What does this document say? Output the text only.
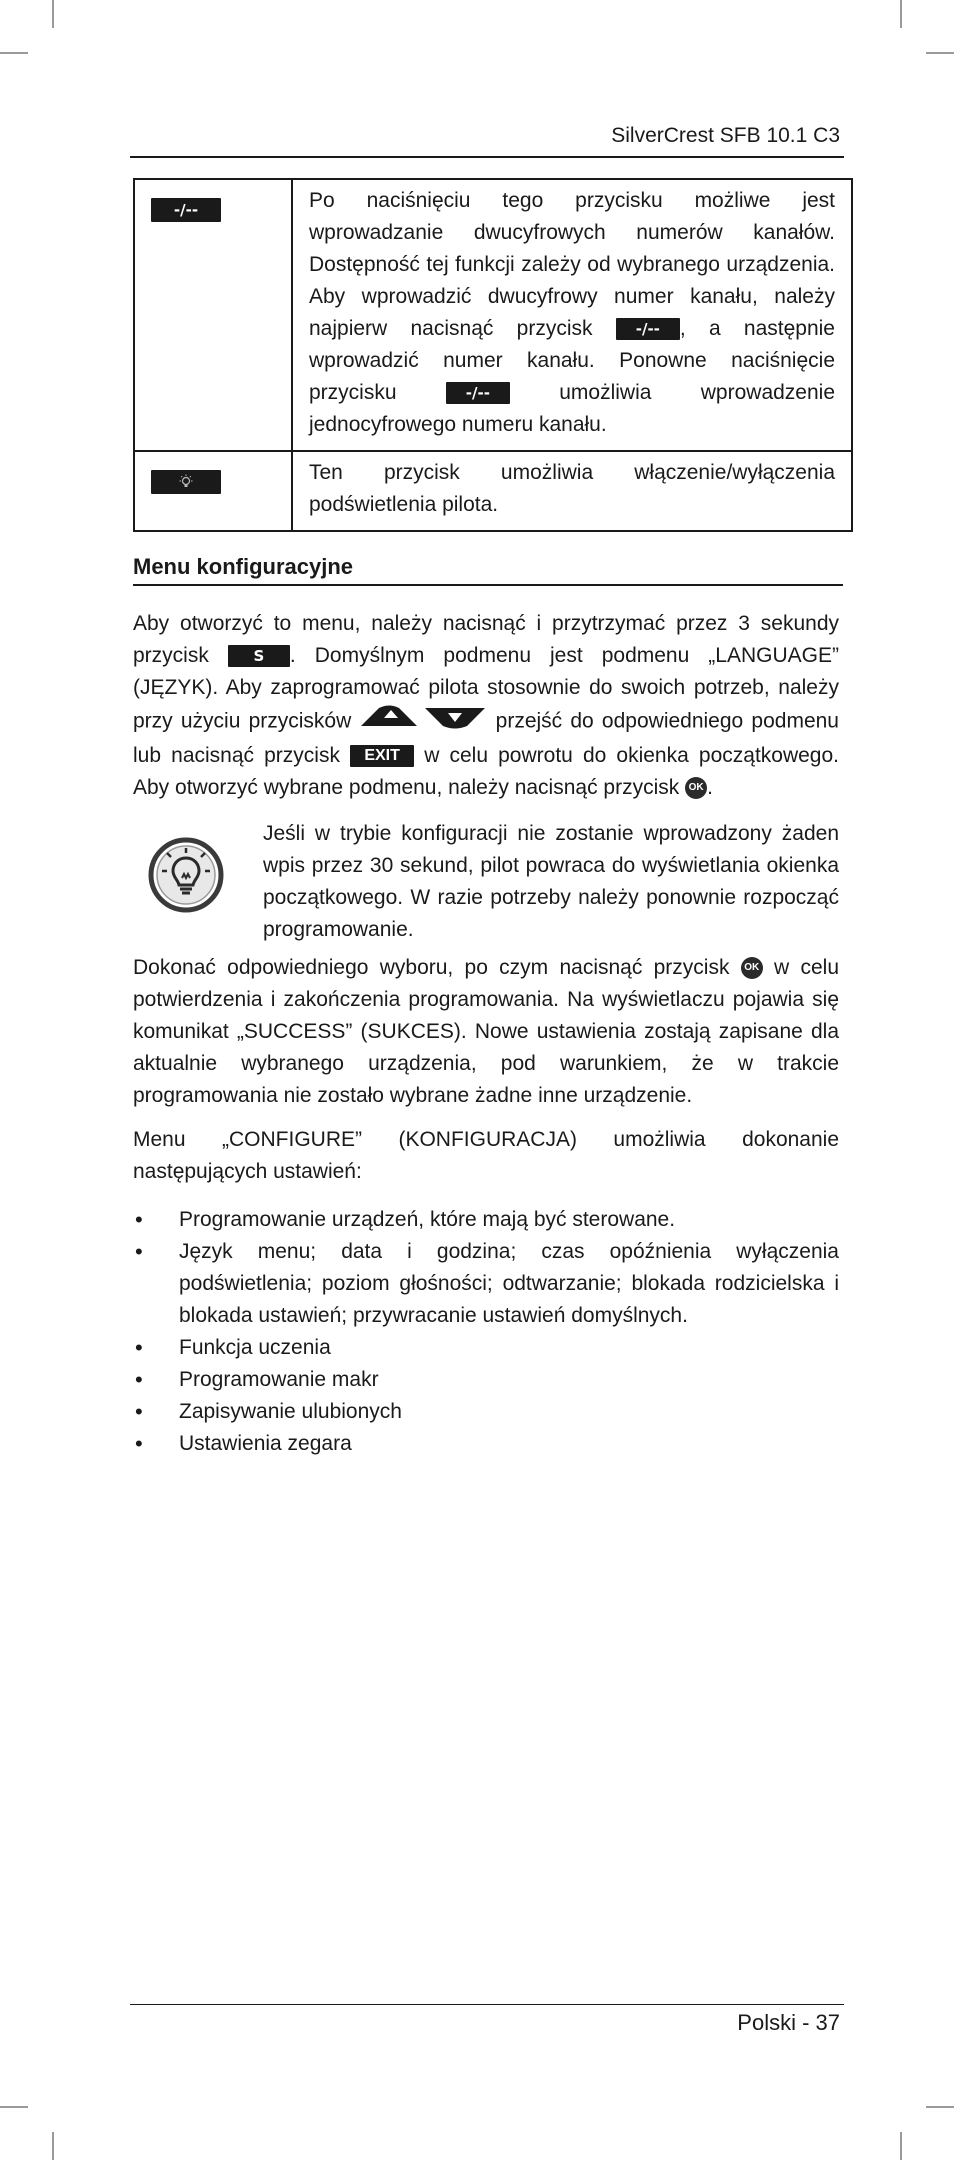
SilverCrest SFB 10.1 C3
-/--	Po naciśnięciu tego przycisku możliwe jest wprowadzanie dwucyfrowych numerów kanałów. Dostępność tej funkcji zależy od wybranego urządzenia. Aby wprowadzić dwucyfrowy numer kanału, należy najpierw nacisnąć przycisk -/-- , a następnie wprowadzić numer kanału. Ponowne naciśnięcie przycisku -/-- umożliwia wprowadzenie jednocyfrowego numeru kanału.

	Ten przycisk umożliwia włączenie/wyłączenia podświetlenia pilota.
Menu konfiguracyjne

Aby otworzyć to menu, należy nacisnąć i przytrzymać przez 3 sekundy przycisk S . Domyślnym podmenu jest podmenu „LANGUAGE” (JĘZYK). Aby zaprogramować pilota stosownie do swoich potrzeb, należy przy użyciu przycisków	przejść do odpowiedniego podmenu lub nacisnąć przycisk EXIT w celu powrotu do okienka początkowego. Aby otworzyć wybrane podmenu, należy nacisnąć przycisk OK .

Jeśli w trybie konfiguracji nie zostanie wprowadzony żaden wpis przez 30 sekund, pilot powraca do wyświetlania okienka początkowego. W razie potrzeby należy ponownie rozpocząć programowanie.

Dokonać odpowiedniego wyboru, po czym nacisnąć przycisk OK w celu potwierdzenia i zakończenia programowania. Na wyświetlaczu pojawia się komunikat „SUCCESS” (SUKCES). Nowe ustawienia zostają zapisane dla aktualnie wybranego urządzenia, pod warunkiem, że w trakcie programowania nie zostało wybrane żadne inne urządzenie.

Menu „CONFIGURE” (KONFIGURACJA) umożliwia dokonanie następujących ustawień:

• Programowanie urządzeń, które mają być sterowane.
• Język menu; data i godzina; czas opóźnienia wyłączenia podświetlenia; poziom głośności; odtwarzanie; blokada rodzicielska i blokada ustawień; przywracanie ustawień domyślnych.
• Funkcja uczenia
• Programowanie makr
• Zapisywanie ulubionych
• Ustawienia zegara
Polski - 37
